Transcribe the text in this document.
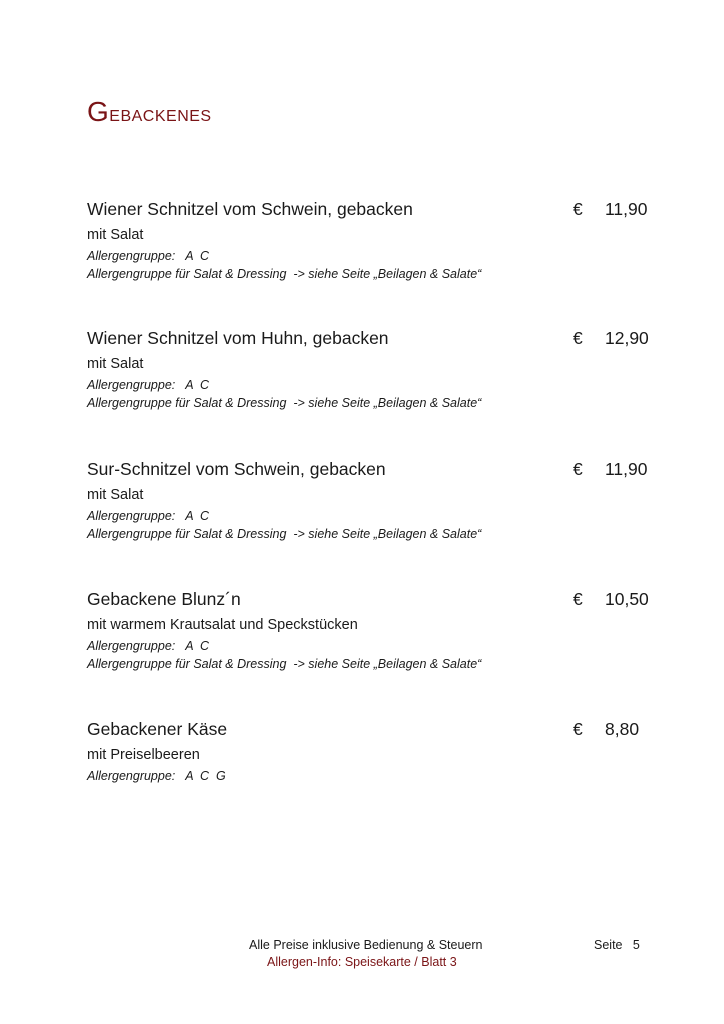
Gebackenes
Wiener Schnitzel vom Schwein, gebacken	€ 11,90
mit Salat
Allergengruppe:   A  C
Allergengruppe für Salat & Dressing  -> siehe Seite „Beilagen & Salate“
Wiener Schnitzel vom Huhn, gebacken	€ 12,90
mit Salat
Allergengruppe:   A  C
Allergengruppe für Salat & Dressing  -> siehe Seite „Beilagen & Salate“
Sur-Schnitzel vom Schwein, gebacken	€ 11,90
mit Salat
Allergengruppe:   A  C
Allergengruppe für Salat & Dressing  -> siehe Seite „Beilagen & Salate“
Gebackene Blunz´n	€ 10,50
mit warmem Krautsalat und Speckstücken
Allergengruppe:   A  C
Allergengruppe für Salat & Dressing  -> siehe Seite „Beilagen & Salate“
Gebackener Käse	€ 8,80
mit Preiselbeeren
Allergengruppe:   A  C  G
Alle Preise inklusive Bedienung & Steuern
Allergen-Info: Speisekarte / Blatt 3
Seite   5
